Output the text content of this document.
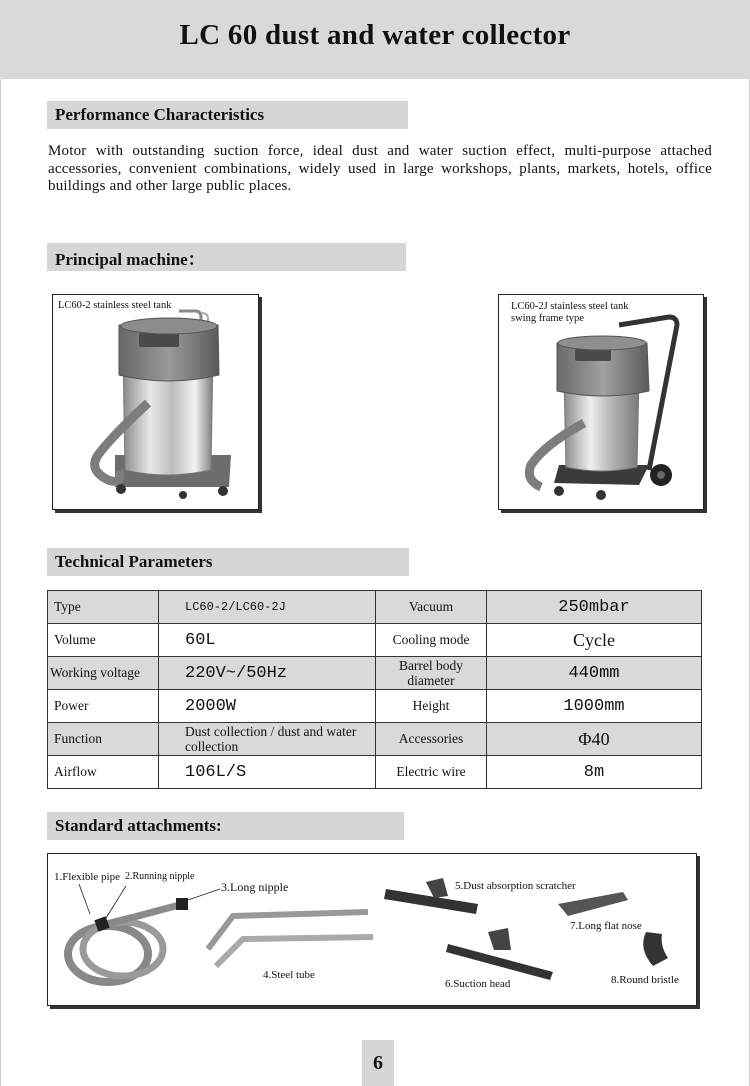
LC 60 dust and water collector
Performance Characteristics

Motor with outstanding suction force, ideal dust and water suction effect, multi-purpose attached accessories, convenient combinations, widely used in large workshops, plants, markets, hotels, office buildings and other large public places.

Principal machine：
LC60-2 stainless steel tank	LC60-2J stainless steel tank swing frame type
Technical Parameters
Type	LC60-2/LC60-2J	Vacuum	250mbar
Volume	60L	Cooling mode	Cycle
Working voltage	220V~/50Hz	Barrel body diameter	440mm
Power	2000W	Height	1000mm
Function	Dust collection / dust and water collection	Accessories	Φ40
Airflow	106L/S	Electric wire	8m
Standard attachments:
1.Flexible pipe 2.Running nipple
3.Long nipple
4.Steel tube
5.Dust absorption scratcher
6.Suction head
7.Long flat nose
8.Round bristle
6
